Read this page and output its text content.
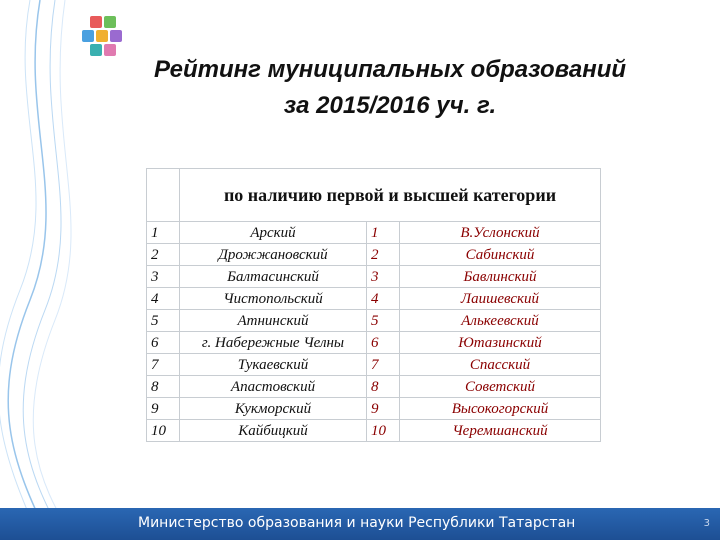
Рейтинг муниципальных образований
за 2015/2016 уч. г.
	по наличию первой и высшей категории		
1	Арский	1	В.Услонский
2	Дрожжановский	2	Сабинский
3	Балтасинский	3	Бавлинский
4	Чистопольский	4	Лаишевский
5	Атнинский	5	Алькеевский
6	г. Набережные Челны	6	Ютазинский
7	Тукаевский	7	Спасский
8	Апастовский	8	Советский
9	Кукморский	9	Высокогорский
10	Кайбицкий	10	Черемшанский
Министерство образования и науки Республики Татарстан	3
